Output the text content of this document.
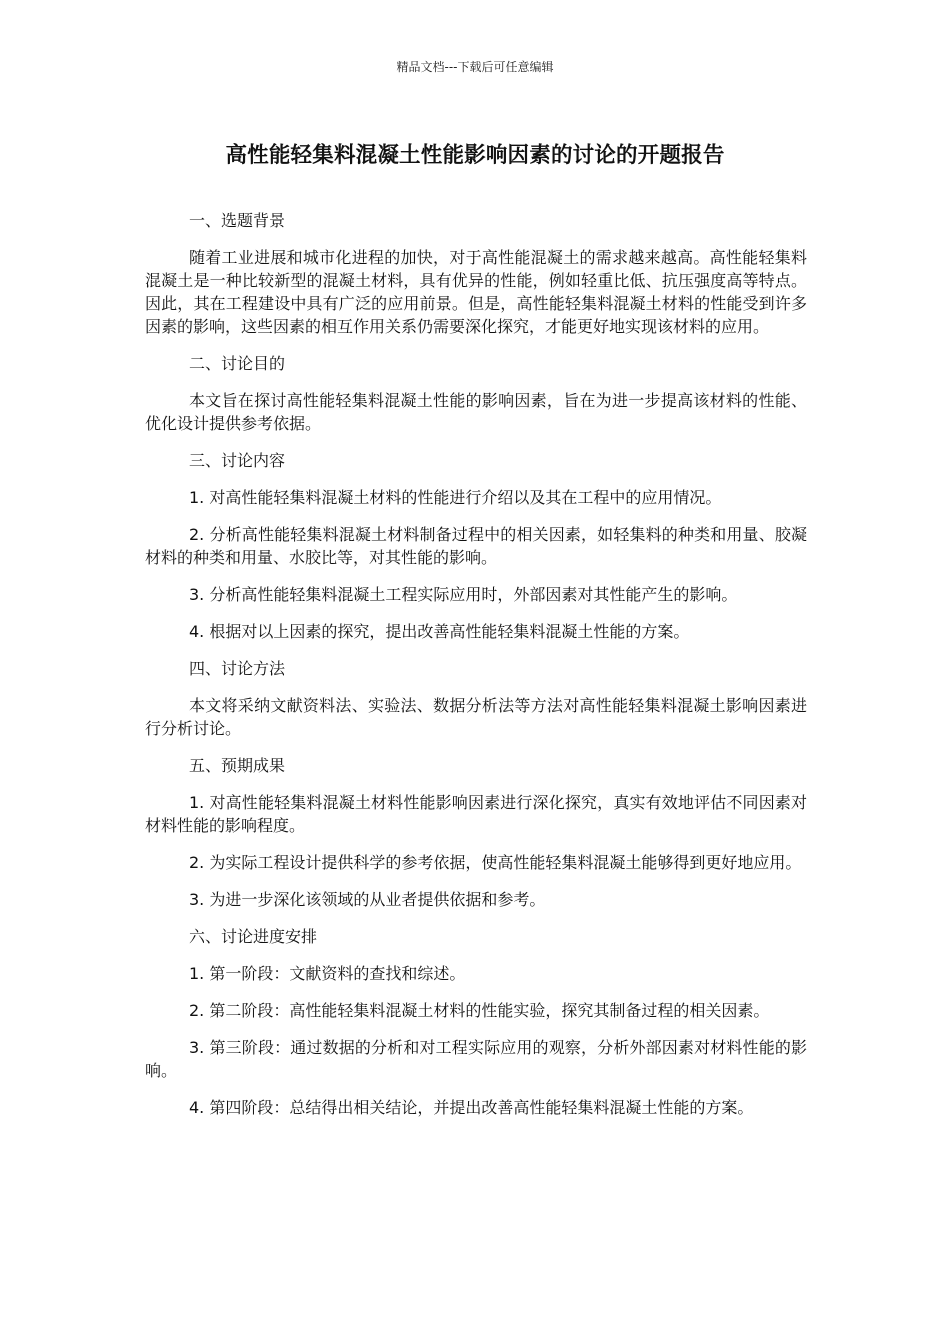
精品文档---下载后可任意编辑
高性能轻集料混凝土性能影响因素的讨论的开题报告

一、选题背景

随着工业进展和城市化进程的加快，对于高性能混凝土的需求越来越高。高性能轻集料混凝土是一种比较新型的混凝土材料，具有优异的性能，例如轻重比低、抗压强度高等特点。因此，其在工程建设中具有广泛的应用前景。但是，高性能轻集料混凝土材料的性能受到许多因素的影响，这些因素的相互作用关系仍需要深化探究，才能更好地实现该材料的应用。

二、讨论目的

本文旨在探讨高性能轻集料混凝土性能的影响因素，旨在为进一步提高该材料的性能、优化设计提供参考依据。

三、讨论内容

1. 对高性能轻集料混凝土材料的性能进行介绍以及其在工程中的应用情况。

2. 分析高性能轻集料混凝土材料制备过程中的相关因素，如轻集料的种类和用量、胶凝材料的种类和用量、水胶比等，对其性能的影响。

3. 分析高性能轻集料混凝土工程实际应用时，外部因素对其性能产生的影响。

4. 根据对以上因素的探究，提出改善高性能轻集料混凝土性能的方案。

四、讨论方法

本文将采纳文献资料法、实验法、数据分析法等方法对高性能轻集料混凝土影响因素进行分析讨论。

五、预期成果

1. 对高性能轻集料混凝土材料性能影响因素进行深化探究，真实有效地评估不同因素对材料性能的影响程度。

2. 为实际工程设计提供科学的参考依据，使高性能轻集料混凝土能够得到更好地应用。

3. 为进一步深化该领域的从业者提供依据和参考。

六、讨论进度安排

1. 第一阶段：文献资料的查找和综述。

2. 第二阶段：高性能轻集料混凝土材料的性能实验，探究其制备过程的相关因素。

3. 第三阶段：通过数据的分析和对工程实际应用的观察，分析外部因素对材料性能的影响。

4. 第四阶段：总结得出相关结论，并提出改善高性能轻集料混凝土性能的方案。
